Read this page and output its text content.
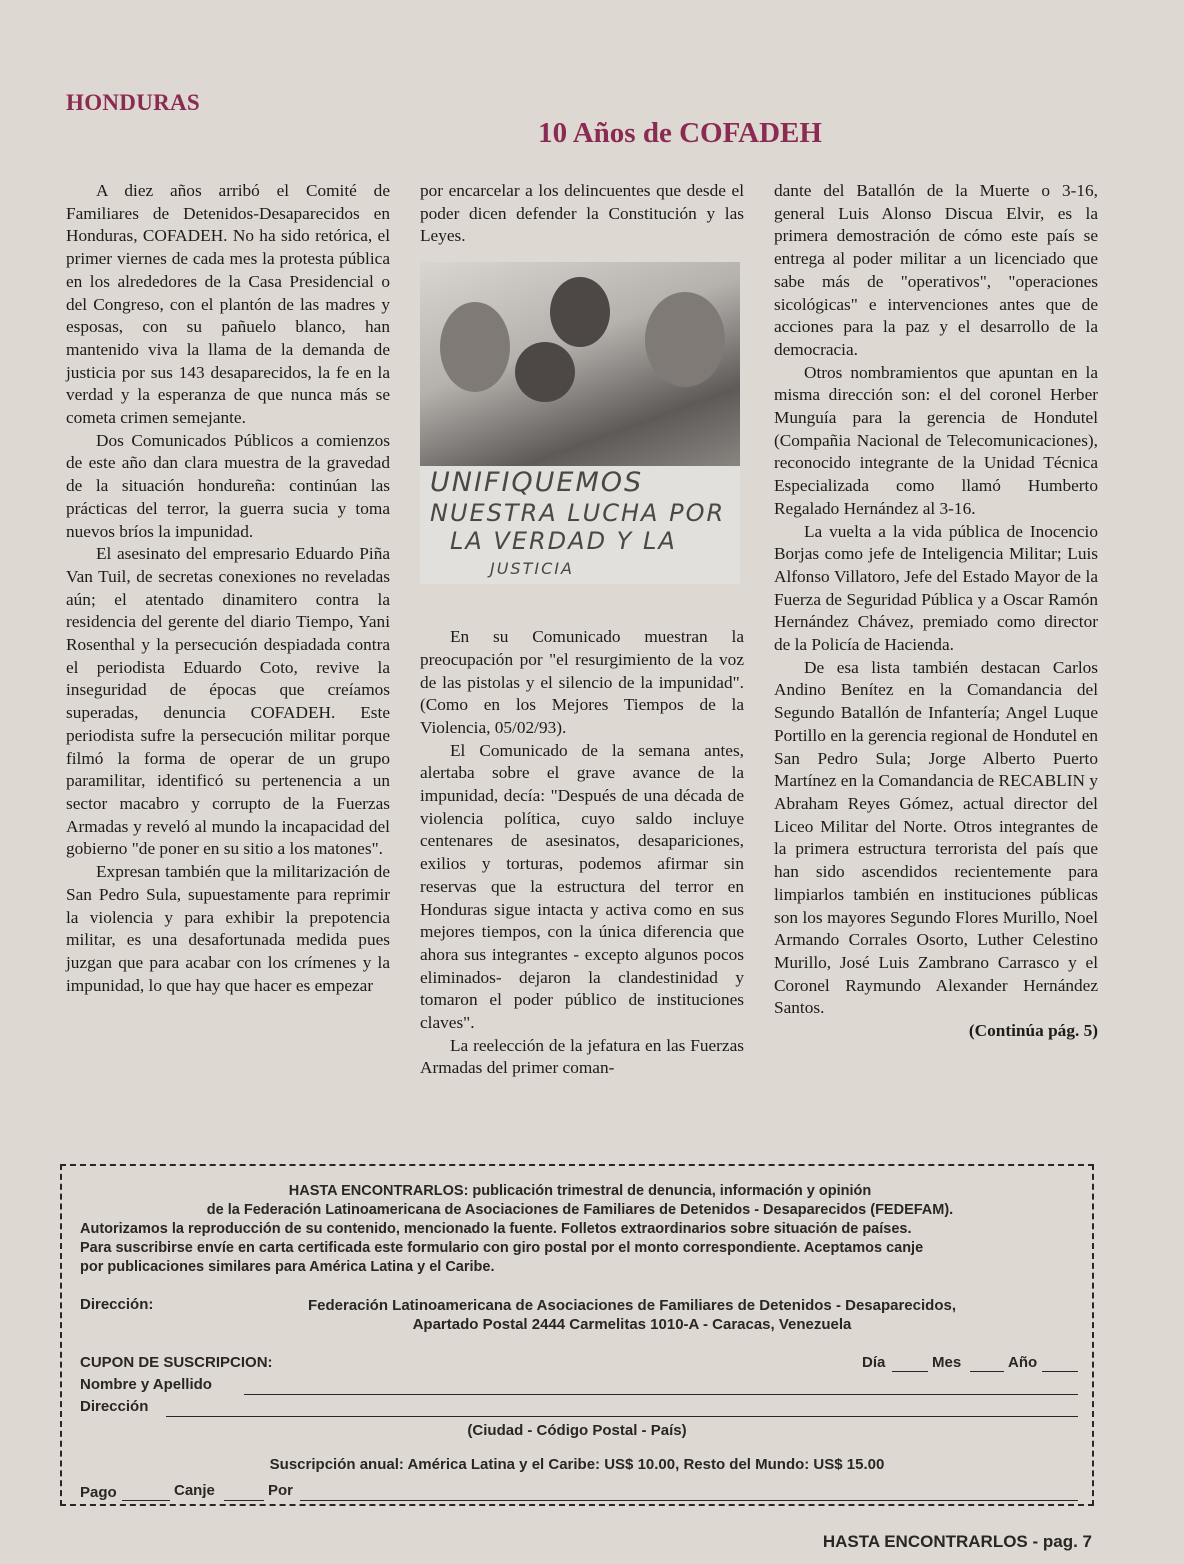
HONDURAS
10 Años de COFADEH

A diez años arribó el Comité de Familiares de Detenidos-Desaparecidos en Honduras, COFADEH. No ha sido retórica, el primer viernes de cada mes la protesta pública en los alrededores de la Casa Presidencial o del Congreso, con el plantón de las madres y esposas, con su pañuelo blanco, han mantenido viva la llama de la demanda de justicia por sus 143 desaparecidos, la fe en la verdad y la esperanza de que nunca más se cometa crimen semejante.

Dos Comunicados Públicos a comienzos de este año dan clara muestra de la gravedad de la situación hondureña: continúan las prácticas del terror, la guerra sucia y toma nuevos bríos la impunidad.

El asesinato del empresario Eduardo Piña Van Tuil, de secretas conexiones no reveladas aún; el atentado dinamitero contra la residencia del gerente del diario Tiempo, Yani Rosenthal y la persecución despiadada contra el periodista Eduardo Coto, revive la inseguridad de épocas que creíamos superadas, denuncia COFADEH. Este periodista sufre la persecución militar porque filmó la forma de operar de un grupo paramilitar, identificó su pertenencia a un sector macabro y corrupto de la Fuerzas Armadas y reveló al mundo la incapacidad del gobierno "de poner en su sitio a los matones".

Expresan también que la militarización de San Pedro Sula, supuestamente para reprimir la violencia y para exhibir la prepotencia militar, es una desafortunada medida pues juzgan que para acabar con los crímenes y la impunidad, lo que hay que hacer es empezar

por encarcelar a los delincuentes que desde el poder dicen defender la Constitución y las Leyes.

UNIFIQUEMOS
NUESTRA LUCHA POR
LA VERDAD Y LA
JUSTICIA

En su Comunicado muestran la preocupación por "el resurgimiento de la voz de las pistolas y el silencio de la impunidad". (Como en los Mejores Tiempos de la Violencia, 05/02/93).

El Comunicado de la semana antes, alertaba sobre el grave avance de la impunidad, decía: "Después de una década de violencia política, cuyo saldo incluye centenares de asesinatos, desapariciones, exilios y torturas, podemos afirmar sin reservas que la estructura del terror en Honduras sigue intacta y activa como en sus mejores tiempos, con la única diferencia que ahora sus integrantes - excepto algunos pocos eliminados- dejaron la clandestinidad y tomaron el poder público de instituciones claves".

La reelección de la jefatura en las Fuerzas Armadas del primer coman-

dante del Batallón de la Muerte o 3-16, general Luis Alonso Discua Elvir, es la primera demostración de cómo este país se entrega al poder militar a un licenciado que sabe más de "operativos", "operaciones sicológicas" e intervenciones antes que de acciones para la paz y el desarrollo de la democracia.

Otros nombramientos que apuntan en la misma dirección son: el del coronel Herber Munguía para la gerencia de Hondutel (Compañia Nacional de Telecomunicaciones), reconocido integrante de la Unidad Técnica Especializada como llamó Humberto Regalado Hernández al 3-16.

La vuelta a la vida pública de Inocencio Borjas como jefe de Inteligencia Militar; Luis Alfonso Villatoro, Jefe del Estado Mayor de la Fuerza de Seguridad Pública y a Oscar Ramón Hernández Chávez, premiado como director de la Policía de Hacienda.

De esa lista también destacan Carlos Andino Benítez en la Comandancia del Segundo Batallón de Infantería; Angel Luque Portillo en la gerencia regional de Hondutel en San Pedro Sula; Jorge Alberto Puerto Martínez en la Comandancia de RECABLIN y Abraham Reyes Gómez, actual director del Liceo Militar del Norte. Otros integrantes de la primera estructura terrorista del país que han sido ascendidos recientemente para limpiarlos también en instituciones públicas son los mayores Segundo Flores Murillo, Noel Armando Corrales Osorto, Luther Celestino Murillo, José Luis Zambrano Carrasco y el Coronel Raymundo Alexander Hernández Santos.

(Continúa pág. 5)
HASTA ENCONTRARLOS: publicación trimestral de denuncia, información y opinión
de la Federación Latinoamericana de Asociaciones de Familiares de Detenidos - Desaparecidos (FEDEFAM).
Autorizamos la reproducción de su contenido, mencionado la fuente. Folletos extraordinarios sobre situación de países.
Para suscribirse envíe en carta certificada este formulario con giro postal por el monto correspondiente. Aceptamos canje
por publicaciones similares para América Latina y el Caribe.
Dirección:	Federación Latinoamericana de Asociaciones de Familiares de Detenidos - Desaparecidos,
Apartado Postal 2444 Carmelitas 1010-A - Caracas, Venezuela
CUPON DE SUSCRIPCION:	Día	Mes	Año
Nombre y Apellido
Dirección
(Ciudad - Código Postal - País)
Suscripción anual: América Latina y el Caribe: US$ 10.00, Resto del Mundo: US$ 15.00
Pago	Canje	Por
HASTA ENCONTRARLOS - pag. 7
